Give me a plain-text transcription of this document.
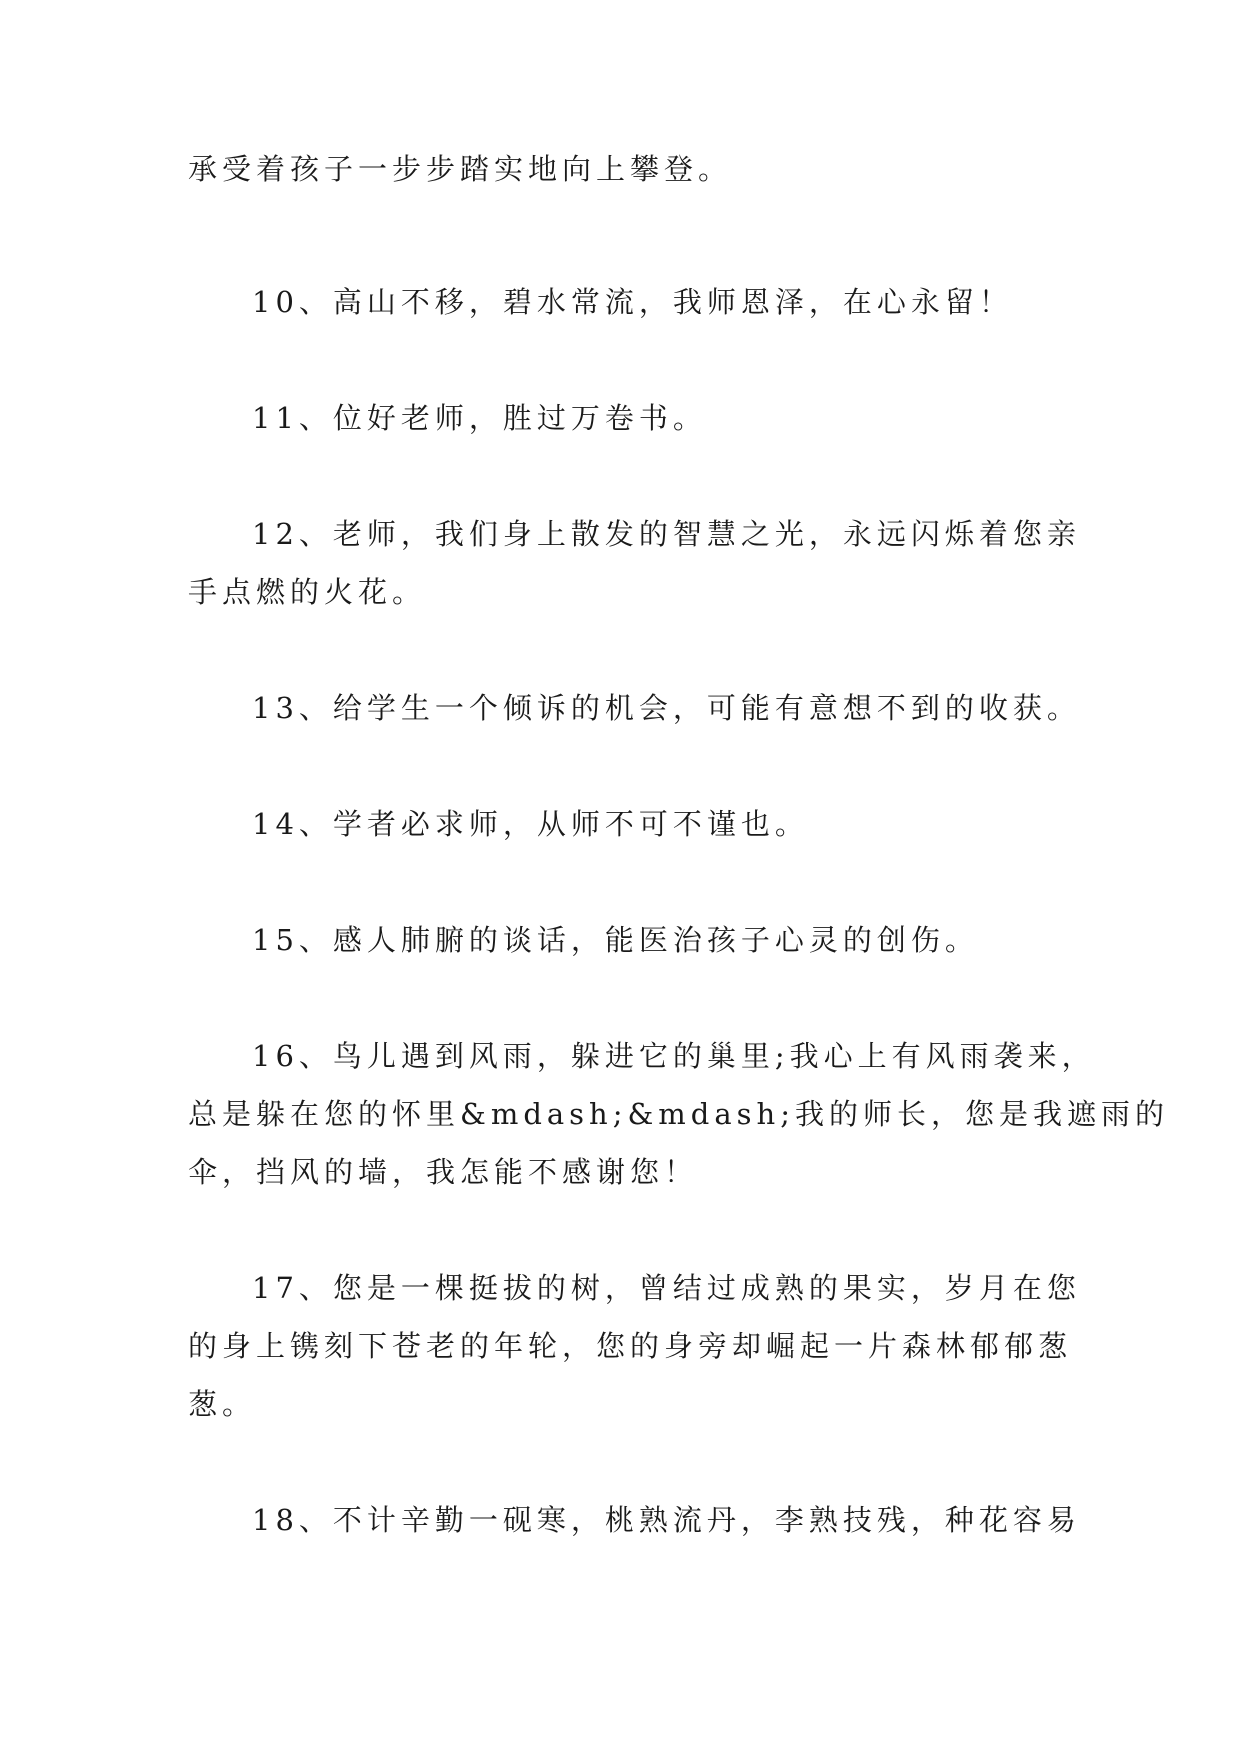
承受着孩子一步步踏实地向上攀登。
10、高山不移，碧水常流，我师恩泽，在心永留！
11、位好老师，胜过万卷书。
12、老师，我们身上散发的智慧之光，永远闪烁着您亲
手点燃的火花。
13、给学生一个倾诉的机会，可能有意想不到的收获。
14、学者必求师，从师不可不谨也。
15、感人肺腑的谈话，能医治孩子心灵的创伤。
16、鸟儿遇到风雨，躲进它的巢里;我心上有风雨袭来，
总是躲在您的怀里&mdash;&mdash;我的师长，您是我遮雨的
伞，挡风的墙，我怎能不感谢您！
17、您是一棵挺拔的树，曾结过成熟的果实，岁月在您
的身上镌刻下苍老的年轮，您的身旁却崛起一片森林郁郁葱
葱。
18、不计辛勤一砚寒，桃熟流丹，李熟技残，种花容易
